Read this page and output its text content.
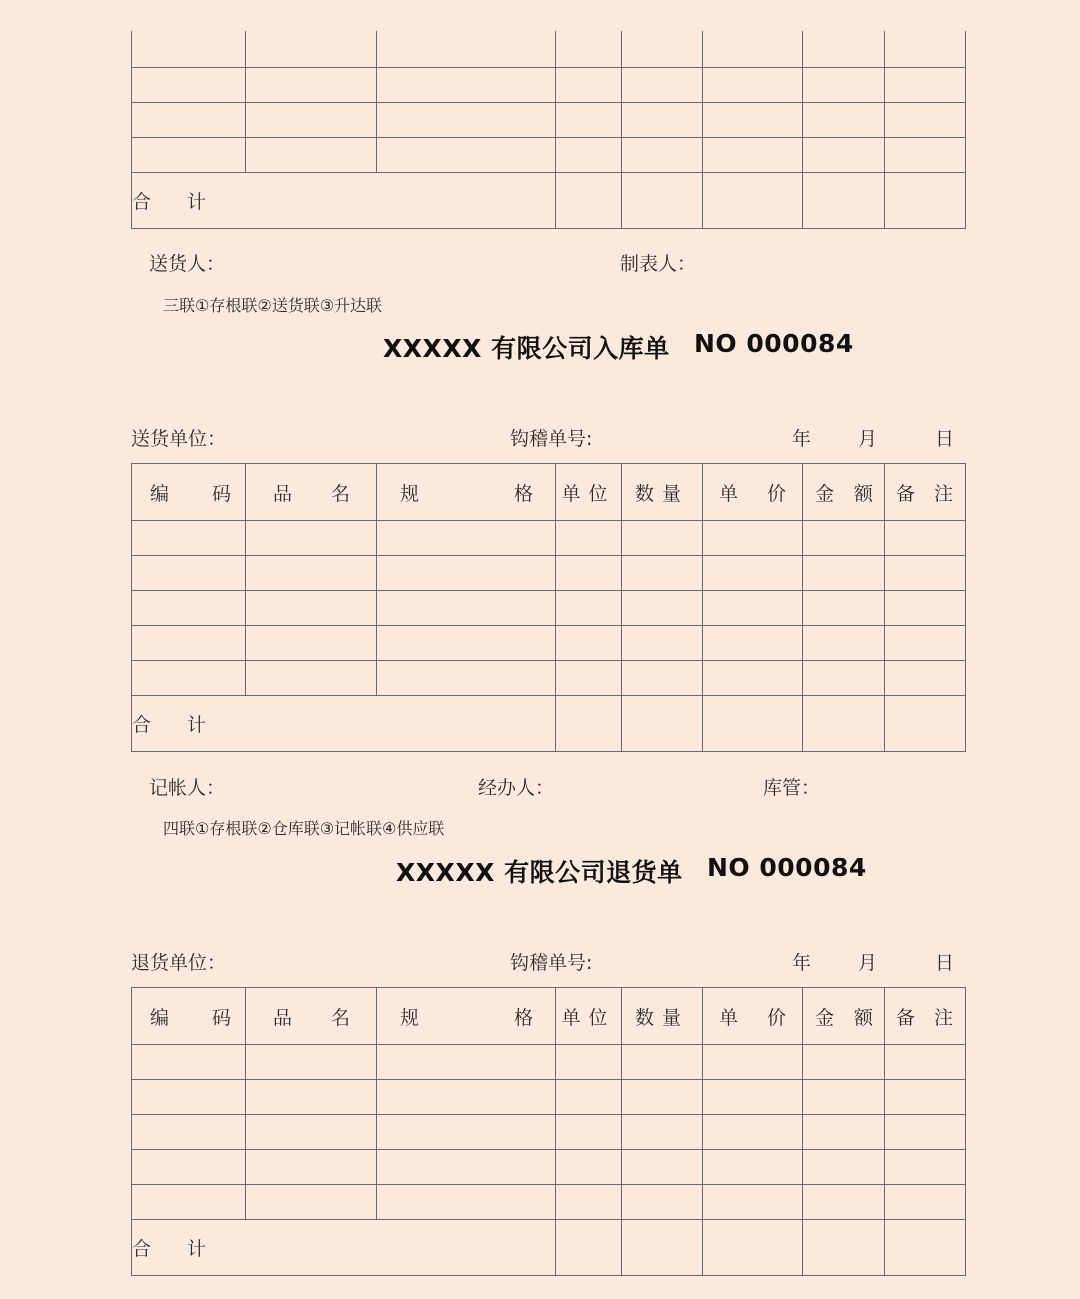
合 计							
送货人：	制表人：
三联①存根联②送货联③升达联
XXXXX 有限公司入库单 NO 000084
送货单位：	钩稽单号:	年 月	日
编 码	品 名	规 格	单位	数量	单 价	金 额	备 注

合 计							
记帐人：	经办人：	库管：
四联①存根联②仓库联③记帐联④供应联
XXXXX 有限公司退货单 NO 000084
退货单位：	钩稽单号:	年 月	日
编 码	品 名	规 格	单位	数量	单 价	金 额	备 注

合 计							
